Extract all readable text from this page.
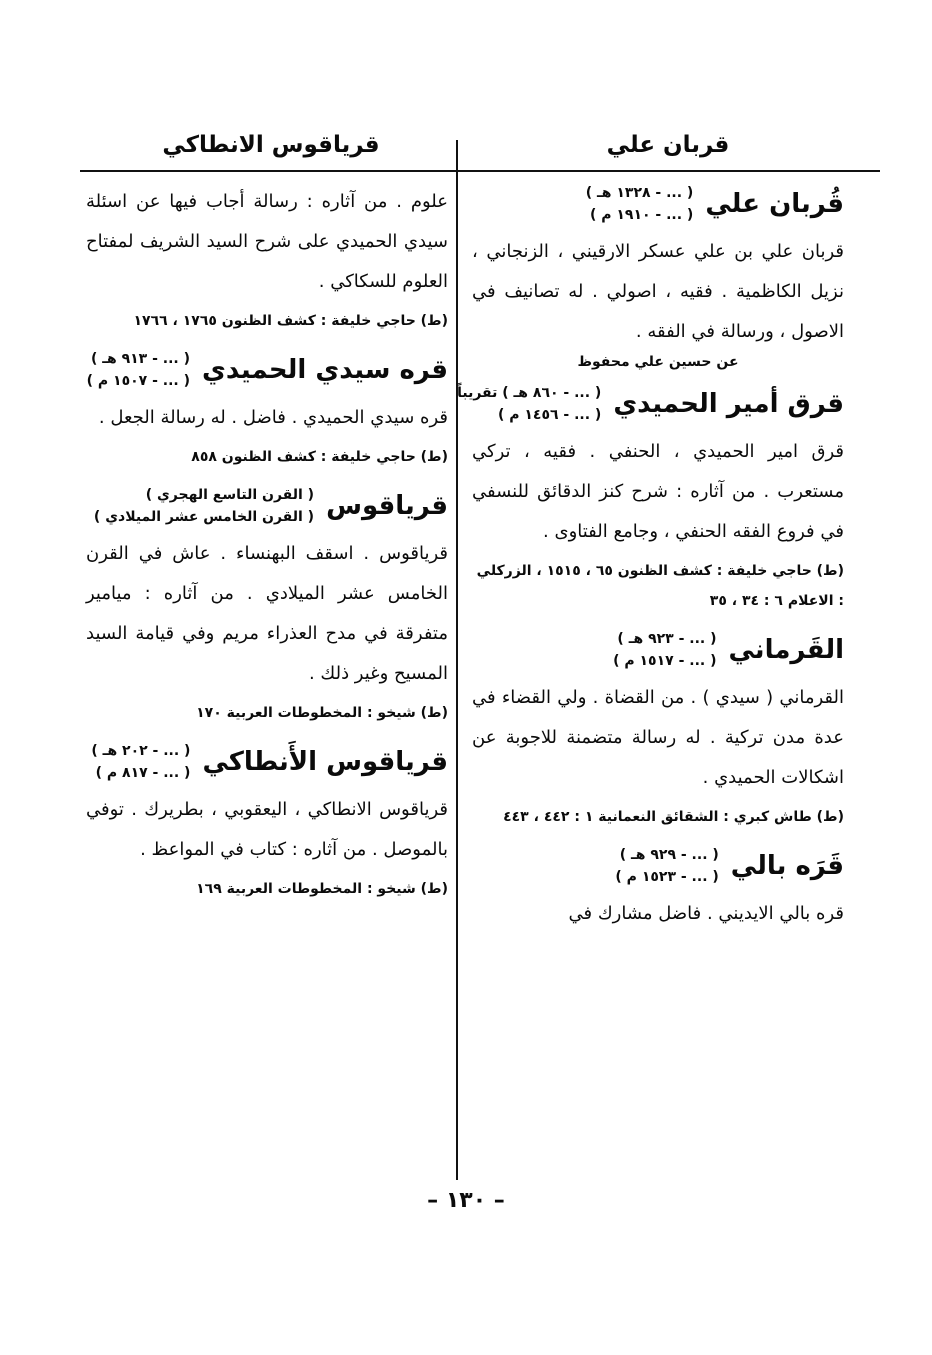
قربان علي
قرياقوس الانطاكي
قُربان علي
( ... - ١٣٢٨ هـ )
( ... - ١٩١٠ م )
قربان علي بن علي عسكر الارقيني ، الزنجاني ، نزيل الكاظمية . فقيه ، اصولي . له تصانيف في الاصول ، ورسالة في الفقه .
عن حسين علي محفوظ
قرق أمير الحميدي
( ... - ٨٦٠ هـ ) تقريباً
( ... - ١٤٥٦ م )
قرق امير الحميدي ، الحنفي . فقيه ، تركي مستعرب . من آثاره : شرح كنز الدقائق للنسفي في فروع الفقه الحنفي ، وجامع الفتاوى .
(ط) حاجي خليفة : كشف الظنون ٦٥ ، ١٥١٥ ، الزركلي : الاعلام ٦ : ٣٤ ، ٣٥
القَرماني
( ... - ٩٢٣ هـ )
( ... - ١٥١٧ م )
القرماني ( سيدي ) . من القضاة . ولي القضاء في عدة مدن تركية . له رسالة متضمنة للاجوبة عن اشكالات الحميدي .
(ط) طاش كبري : الشقائق النعمانية ١ : ٤٤٢ ، ٤٤٣
قَرَه بالي
( ... - ٩٢٩ هـ )
( ... - ١٥٢٣ م )
قره بالي الايديني . فاضل مشارك في
علوم . من آثاره : رسالة أجاب فيها عن اسئلة سيدي الحميدي على شرح السيد الشريف لمفتاح العلوم للسكاكي .
(ط) حاجي خليفة : كشف الظنون ١٧٦٥ ، ١٧٦٦
قره سيدي الحميدي
( ... - ٩١٣ هـ )
( ... - ١٥٠٧ م )
قره سيدي الحميدي . فاضل . له رسالة الجعل .
(ط) حاجي خليفة : كشف الظنون ٨٥٨
قرياقوس
( القرن التاسع الهجري )
( القرن الخامس عشر الميلادي )
قرياقوس . اسقف البهنساء . عاش في القرن الخامس عشر الميلادي . من آثاره : ميامير متفرقة في مدح العذراء مريم وفي قيامة السيد المسيح وغير ذلك .
(ط) شيخو : المخطوطات العربية ١٧٠
قرياقوس الأَنطاكي
( ... - ٢٠٢ هـ )
( ... - ٨١٧ م )
قرياقوس الانطاكي ، اليعقوبي ، بطريرك . توفي بالموصل . من آثاره : كتاب في المواعظ .
(ط) شيخو : المخطوطات العربية ١٦٩
– ١٣٠ –
